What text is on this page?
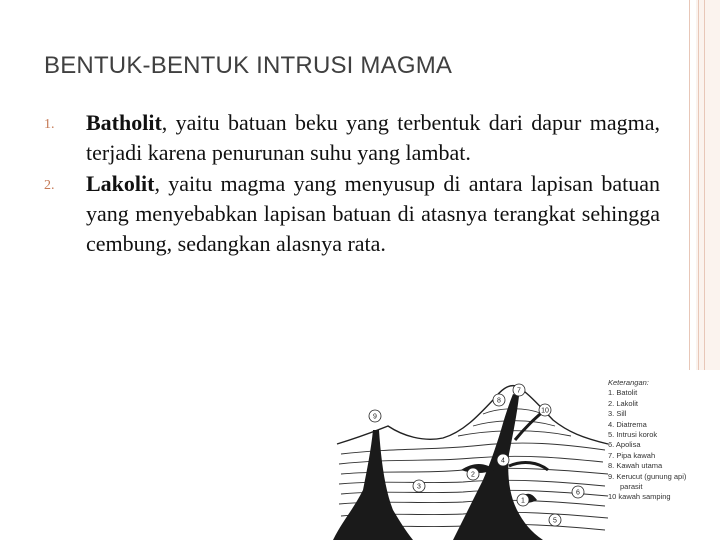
BENTUK-BENTUK INTRUSI MAGMA
1. Batholit, yaitu batuan beku yang terbentuk dari dapur magma, terjadi karena penurunan suhu yang lambat.
2. Lakolit, yaitu magma yang menyusup di antara lapisan batuan yang menyebabkan lapisan batuan di atasnya terangkat sehingga cembung, sedangkan alasnya rata.
9
8
10
7
4
3
1
6
5
2
Keterangan:
1. Batolit
2. Lakolit
3. Sill
4. Diatrema
5. Intrusi korok
6. Apolisa
7. Pipa kawah
8. Kawah utama
9. Kerucut (gunung api)
parasit
10 kawah samping
